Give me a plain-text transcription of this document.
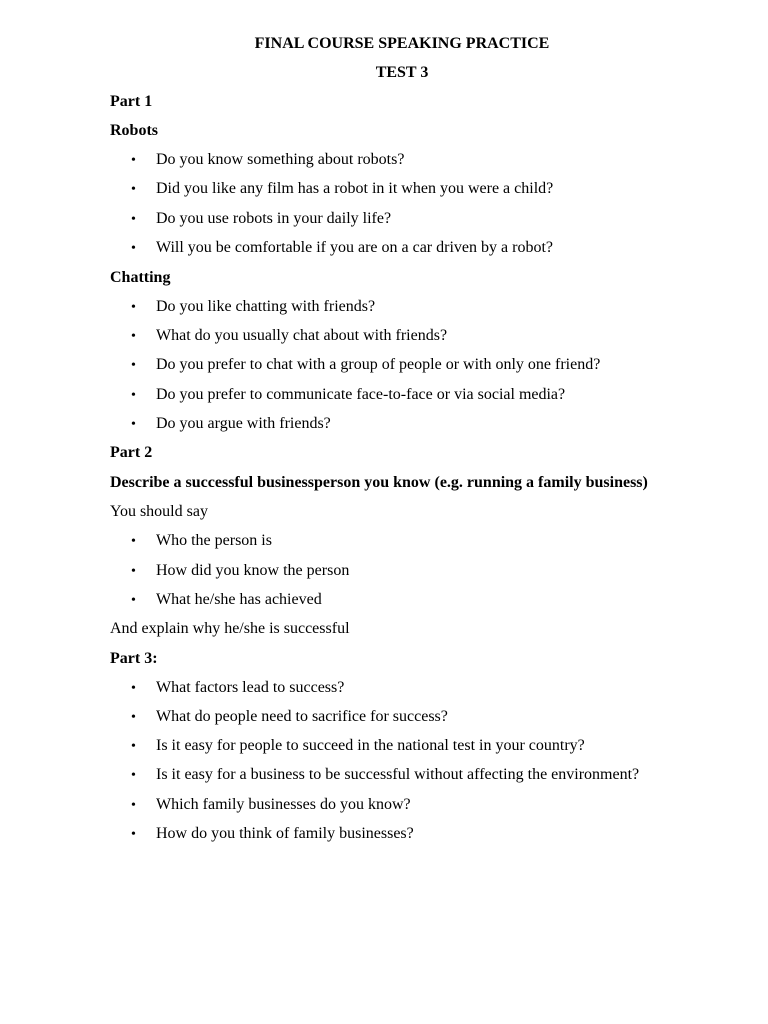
FINAL COURSE SPEAKING PRACTICE
TEST 3
Part 1
Robots
• Do you know something about robots?
• Did you like any film has a robot in it when you were a child?
• Do you use robots in your daily life?
• Will you be comfortable if you are on a car driven by a robot?
Chatting
• Do you like chatting with friends?
• What do you usually chat about with friends?
• Do you prefer to chat with a group of people or with only one friend?
• Do you prefer to communicate face-to-face or via social media?
• Do you argue with friends?
Part 2
Describe a successful businessperson you know (e.g. running a family business)
You should say
• Who the person is
• How did you know the person
• What he/she has achieved
And explain why he/she is successful
Part 3:
• What factors lead to success?
• What do people need to sacrifice for success?
• Is it easy for people to succeed in the national test in your country?
• Is it easy for a business to be successful without affecting the environment?
• Which family businesses do you know?
• How do you think of family businesses?
